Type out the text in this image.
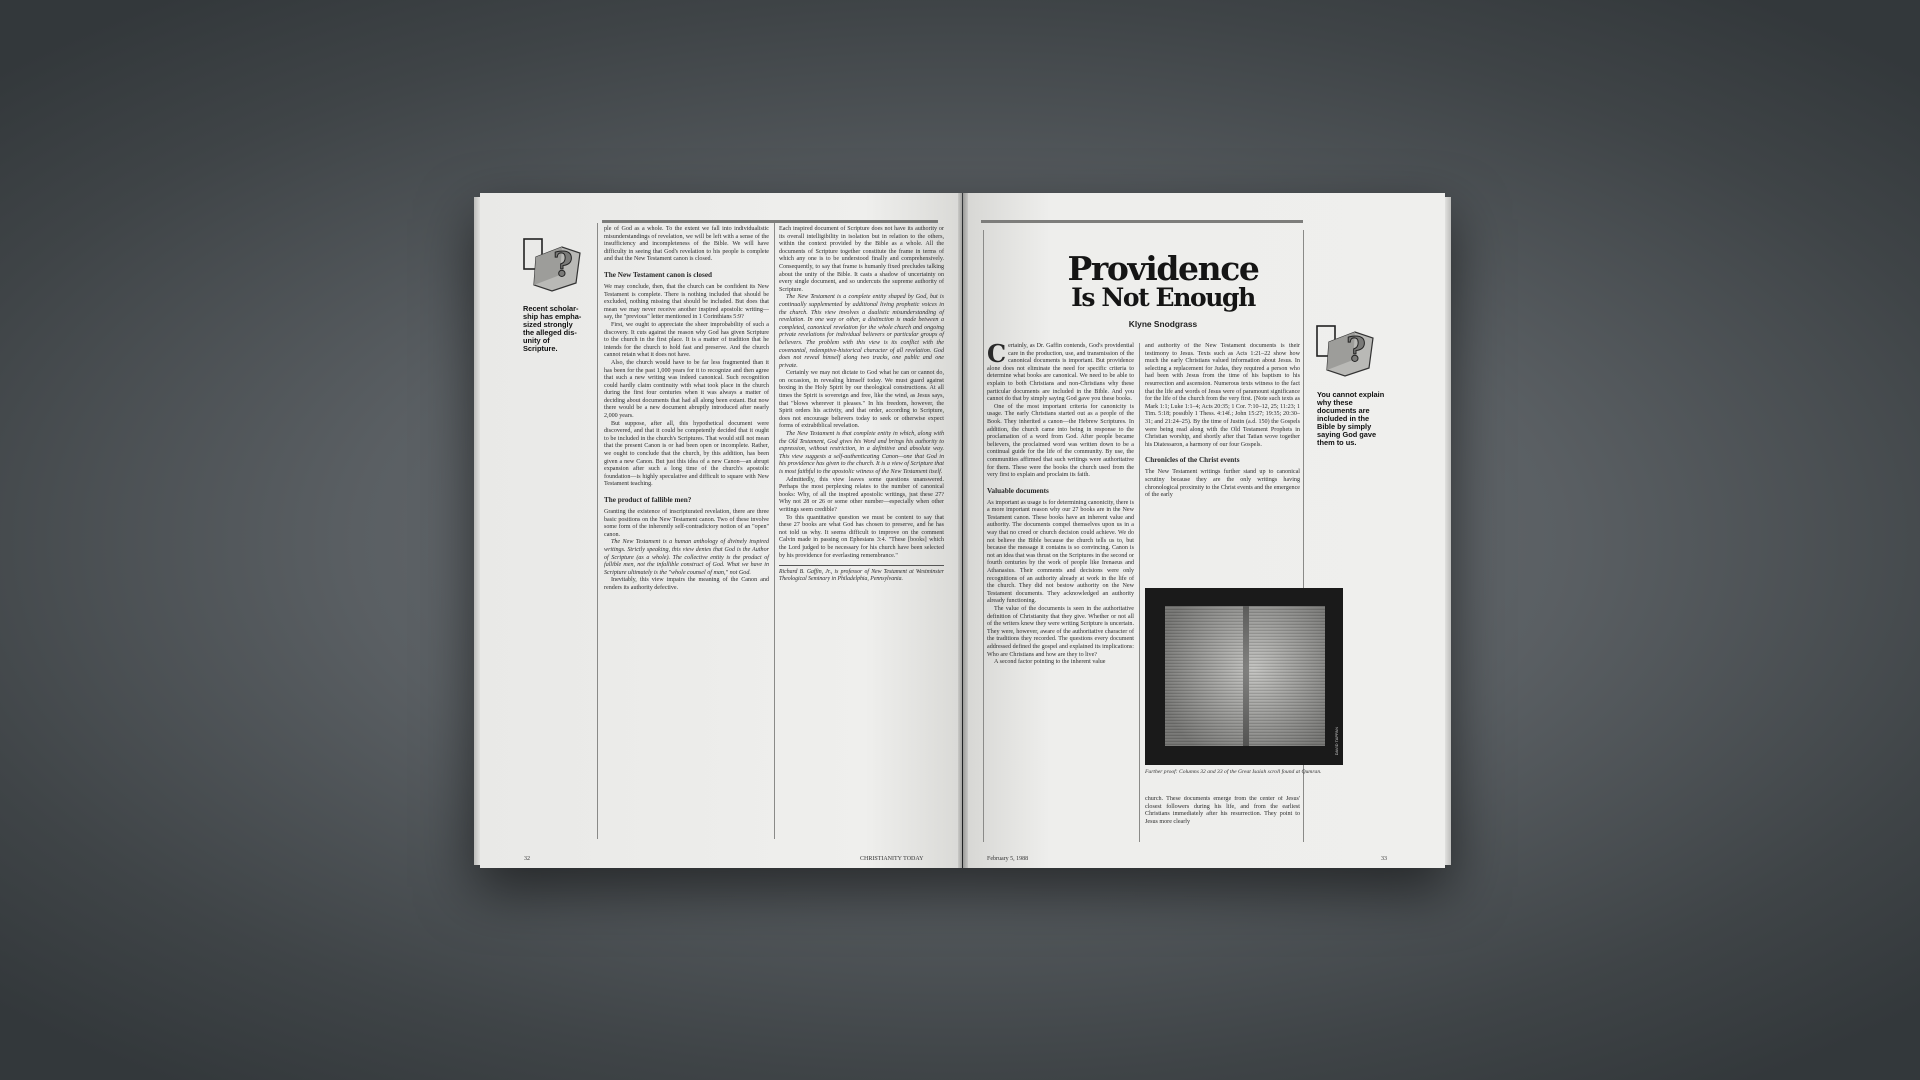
?
Recent scholar-ship has empha-sized strongly the alleged dis-unity of Scripture.

ple of God as a whole. To the extent we fall into individualistic misunderstandings of revelation, we will be left with a sense of the insufficiency and incompleteness of the Bible. We will have difficulty in seeing that God's revelation to his people is complete and that the New Testament canon is closed.

The New Testament canon is closed

We may conclude, then, that the church can be confident its New Testament is complete. There is nothing included that should be excluded, nothing missing that should be included. But does that mean we may never receive another inspired apostolic writing—say, the "previous" letter mentioned in 1 Corinthians 5:9?

First, we ought to appreciate the sheer improbability of such a discovery. It cuts against the reason why God has given Scripture to the church in the first place. It is a matter of tradition that he intends for the church to hold fast and preserve. And the church cannot retain what it does not have.

Also, the church would have to be far less fragmented than it has been for the past 1,000 years for it to recognize and then agree that such a new writing was indeed canonical. Such recognition could hardly claim continuity with what took place in the church during the first four centuries when it was always a matter of deciding about documents that had all along been extant. But now there would be a new document abruptly introduced after nearly 2,000 years.

But suppose, after all, this hypothetical document were discovered, and that it could be competently decided that it ought to be included in the church's Scriptures. That would still not mean that the present Canon is or had been open or incomplete. Rather, we ought to conclude that the church, by this addition, has been given a new Canon. But just this idea of a new Canon—an abrupt expansion after such a long time of the church's apostolic foundation—is highly speculative and difficult to square with New Testament teaching.

The product of fallible men?

Granting the existence of inscripturated revelation, there are three basic positions on the New Testament canon. Two of these involve some form of the inherently self-contradictory notion of an "open" canon.

The New Testament is a human anthology of divinely inspired writings. Strictly speaking, this view denies that God is the Author of Scripture (as a whole). The collective entity is the product of fallible men, not the infallible construct of God. What we have in Scripture ultimately is the "whole counsel of man," not God.

Inevitably, this view impairs the meaning of the Canon and renders its authority defective.

Each inspired document of Scripture does not have its authority or its overall intelligibility in isolation but in relation to the others, within the context provided by the Bible as a whole. All the documents of Scripture together constitute the frame in terms of which any one is to be understood finally and comprehensively. Consequently, to say that frame is humanly fixed precludes talking about the unity of the Bible. It casts a shadow of uncertainty on every single document, and so undercuts the supreme authority of Scripture.

The New Testament is a complete entity shaped by God, but is continually supplemented by additional living prophetic voices in the church. This view involves a dualistic misunderstanding of revelation. In one way or other, a distinction is made between a completed, canonical revelation for the whole church and ongoing private revelations for individual believers or particular groups of believers. The problem with this view is its conflict with the covenantal, redemptive-historical character of all revelation. God does not reveal himself along two tracks, one public and one private.

Certainly we may not dictate to God what he can or cannot do, on occasion, in revealing himself today. We must guard against boxing in the Holy Spirit by our theological constructions. At all times the Spirit is sovereign and free, like the wind, as Jesus says, that "blows wherever it pleases." In his freedom, however, the Spirit orders his activity, and that order, according to Scripture, does not encourage believers today to seek or otherwise expect forms of extrabiblical revelation.

The New Testament is that complete entity in which, along with the Old Testament, God gives his Word and brings his authority to expression, without restriction, in a definitive and absolute way. This view suggests a self-authenticating Canon—one that God in his providence has given to the church. It is a view of Scripture that is most faithful to the apostolic witness of the New Testament itself.

Admittedly, this view leaves some questions unanswered. Perhaps the most perplexing relates to the number of canonical books: Why, of all the inspired apostolic writings, just these 27? Why not 28 or 26 or some other number—especially when other writings seem credible?

To this quantitative question we must be content to say that these 27 books are what God has chosen to preserve, and he has not told us why. It seems difficult to improve on the comment Calvin made in passing on Ephesians 3:4. "These [books] which the Lord judged to be necessary for his church have been selected by his providence for everlasting remembrance."

Richard B. Gaffin, Jr., is professor of New Testament at Westminster Theological Seminary in Philadelphia, Pennsylvania.
32	CHRISTIANITY TODAY
Providence
Is Not Enough
Klyne Snodgrass

Certainly, as Dr. Gaffin contends, God's providential care in the production, use, and transmission of the canonical documents is important. But providence alone does not eliminate the need for specific criteria to determine what books are canonical. We need to be able to explain to both Christians and non-Christians why these particular documents are included in the Bible. And you cannot do that by simply saying God gave you these books.

One of the most important criteria for canonicity is usage. The early Christians started out as a people of the Book. They inherited a canon—the Hebrew Scriptures. In addition, the church came into being in response to the proclamation of a word from God. After people became believers, the proclaimed word was written down to be a continual guide for the life of the community. By use, the communities affirmed that such writings were authoritative for them. These were the books the church used from the very first to explain and proclaim its faith.

Valuable documents

As important as usage is for determining canonicity, there is a more important reason why our 27 books are in the New Testament canon. These books have an inherent value and authority. The documents compel themselves upon us in a way that no creed or church decision could achieve. We do not believe the Bible because the church tells us to, but because the message it contains is so convincing. Canon is not an idea that was thrust on the Scriptures in the second or fourth centuries by the work of people like Irenaeus and Athanasius. Their comments and decisions were only recognitions of an authority already at work in the life of the church. They did not bestow authority on the New Testament documents. They acknowledged an authority already functioning.

The value of the documents is seen in the authoritative definition of Christianity that they give. Whether or not all of the writers knew they were writing Scripture is uncertain. They were, however, aware of the authoritative character of the traditions they recorded. The questions every document addressed defined the gospel and explained its implications: Who are Christians and how are they to live?

A second factor pointing to the inherent value

and authority of the New Testament documents is their testimony to Jesus. Texts such as Acts 1:21–22 show how much the early Christians valued information about Jesus. In selecting a replacement for Judas, they required a person who had been with Jesus from the time of his baptism to his resurrection and ascension. Numerous texts witness to the fact that the life and words of Jesus were of paramount significance for the life of the church from the very first. (Note such texts as Mark 1:1; Luke 1:1–4; Acts 20:35; 1 Cor. 7:10–12, 25; 11:23; 1 Tim. 5:18; possibly 1 Thess. 4:14f.; John 15:27; 19:35; 20:30–31; and 21:24–25). By the time of Justin (a.d. 150) the Gospels were being read along with the Old Testament Prophets in Christian worship, and shortly after that Tatian wove together his Diatessaron, a harmony of our four Gospels.

Chronicles of the Christ events

The New Testament writings further stand up to canonical scrutiny because they are the only writings having chronological proximity to the Christ events and the emergence of the early

DAVID TAPPAN
Further proof: Columns 32 and 33 of the Great Isaiah scroll found at Qumran.

church. These documents emerge from the center of Jesus' closest followers during his life, and from the earliest Christians immediately after his resurrection. They point to Jesus more clearly

?
You cannot explain why these documents are included in the Bible by simply saying God gave them to us.
February 5, 1988	33
